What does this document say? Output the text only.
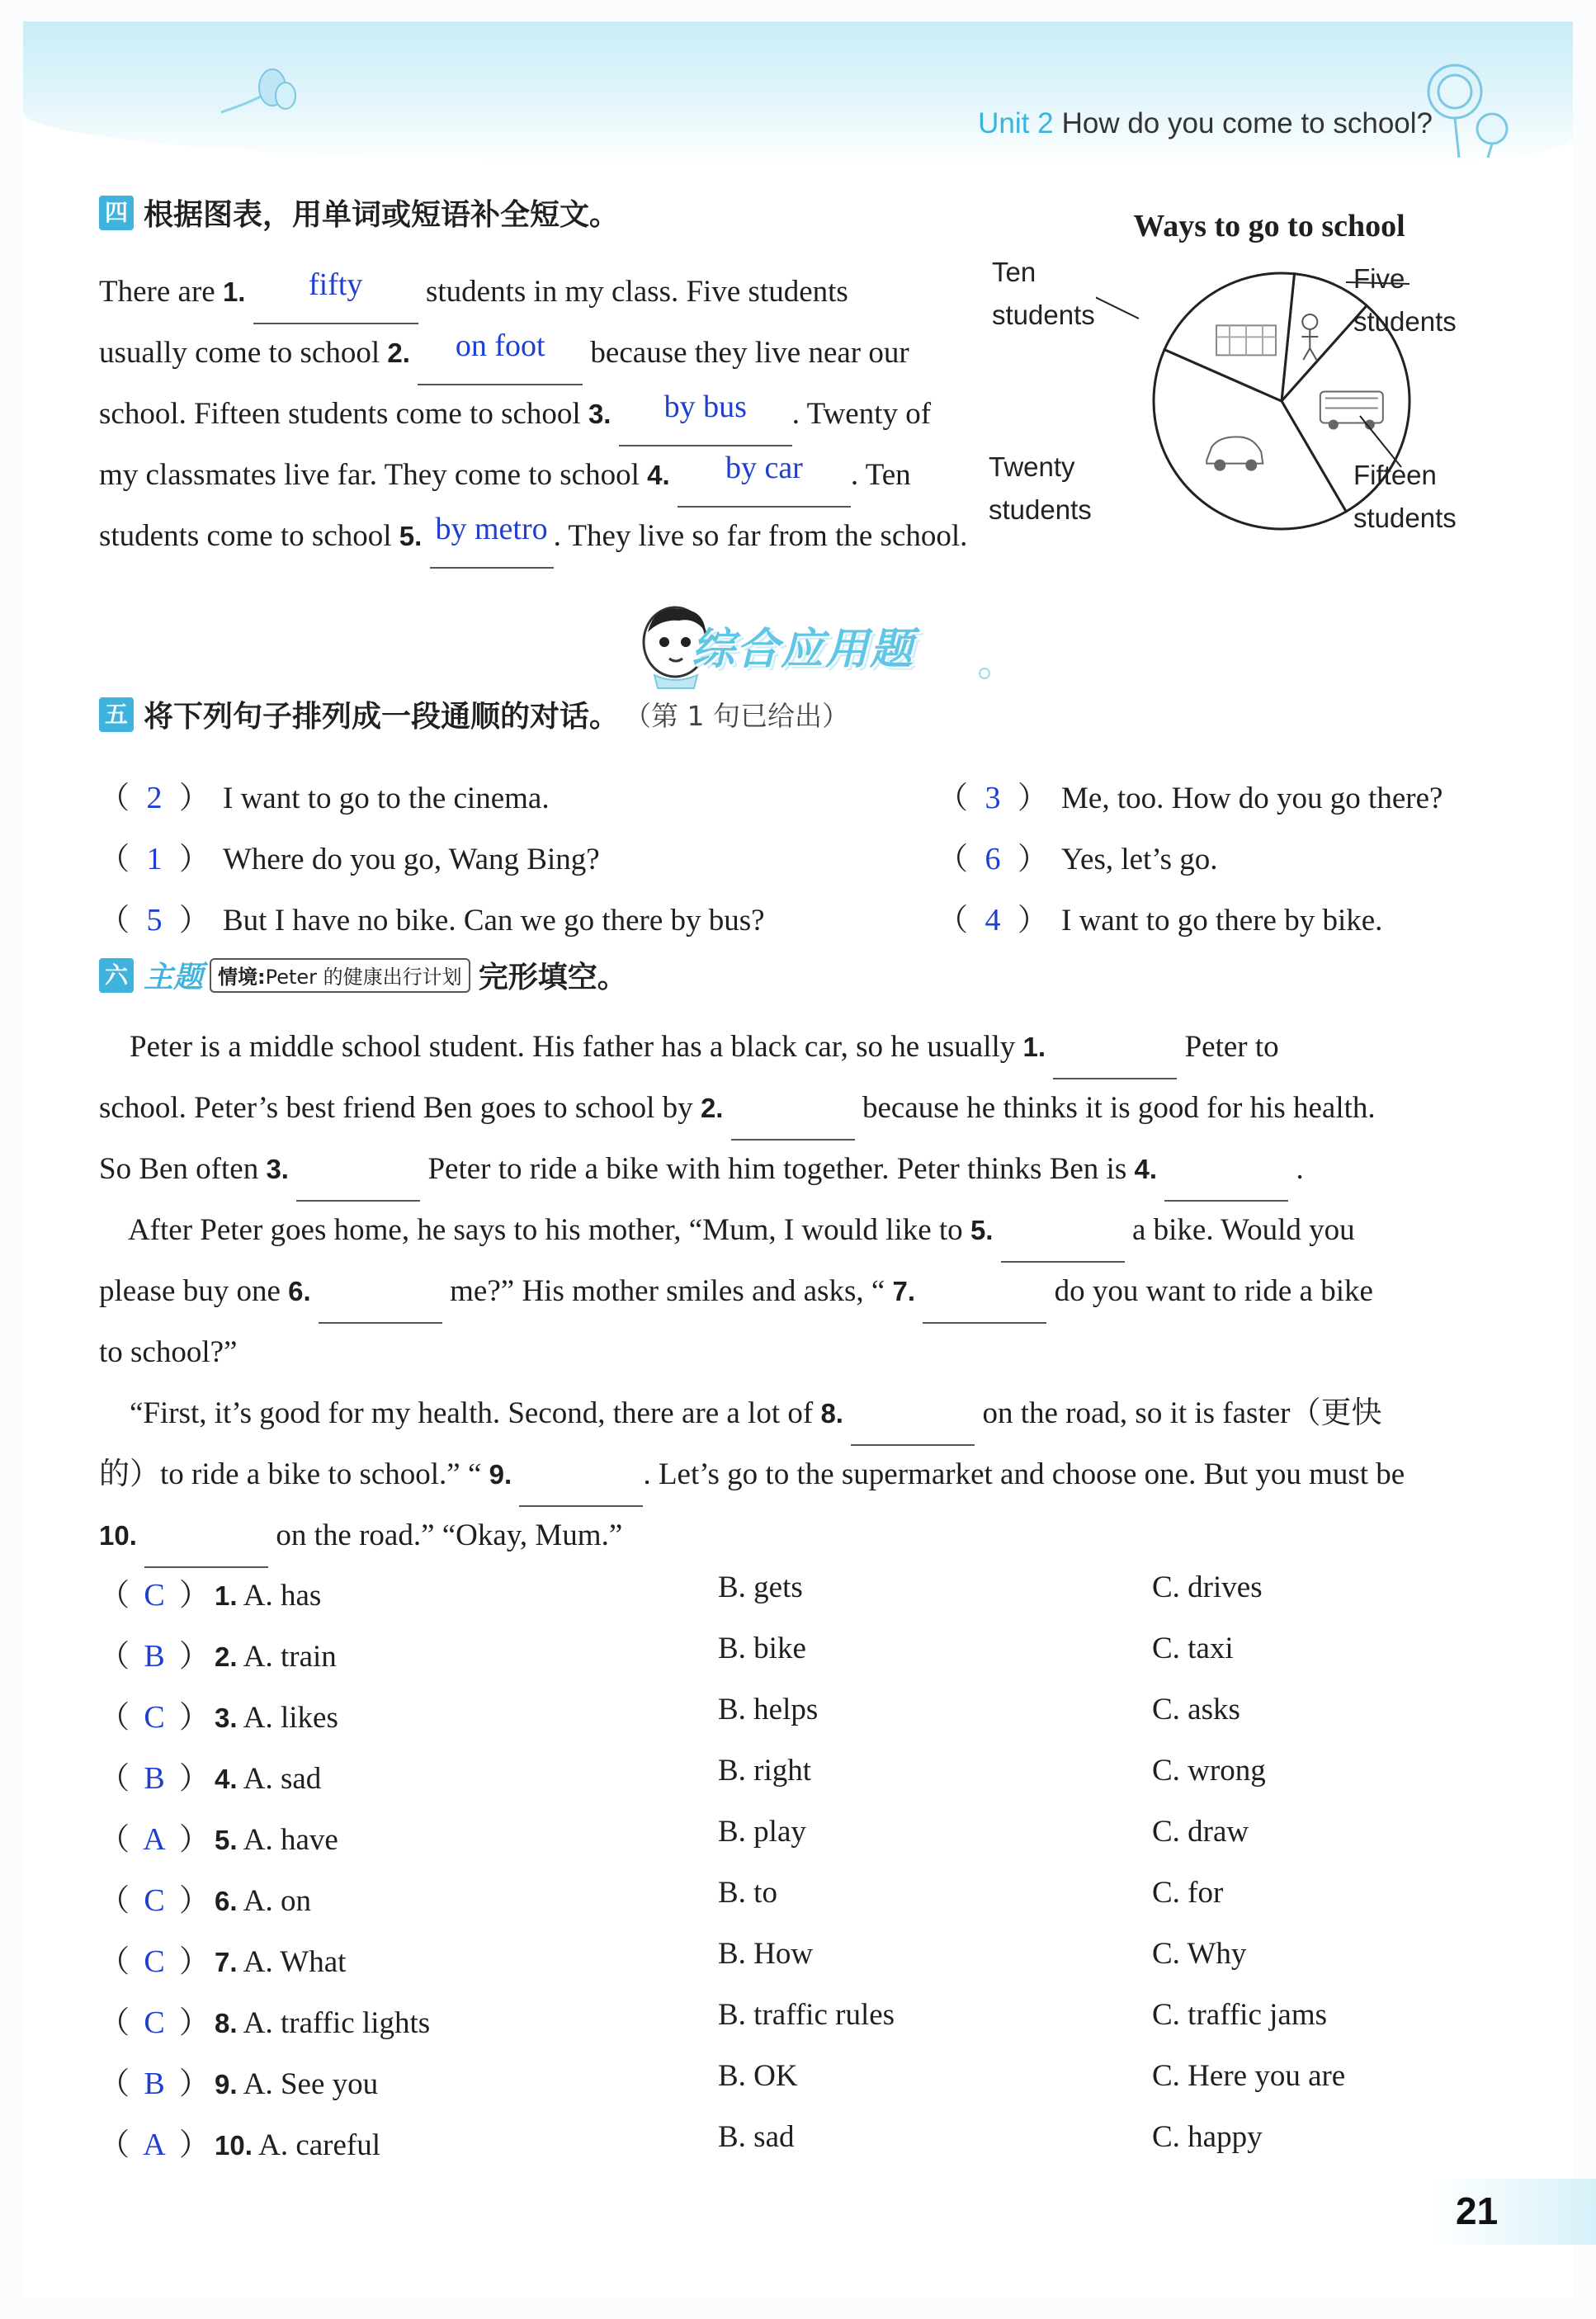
Unit 2 How do you come to school?
四 根据图表，用单词或短语补全短文。
There are 1. fifty students in my class. Five students
usually come to school 2. on foot because they live near our
school. Fifteen students come to school 3. by bus . Twenty of
my classmates live far. They come to school 4. by car . Ten
students come to school 5. by metro . They live so far from the school.
Ways to go to school
Five
students
Fifteen
students
Twenty
students
Ten
students
综合应用题
五 将下列句子排列成一段通顺的对话。 （第 1 句已给出）
（ 2 ） I want to go to the cinema.
（ 1 ） Where do you go, Wang Bing?
（ 5 ） But I have no bike. Can we go there by bus?
（ 3 ） Me, too. How do you go there?
（ 6 ） Yes, let’s go.
（ 4 ） I want to go there by bike.
六 主题 情境: Peter 的健康出行计划 完形填空。
Peter is a middle school student. His father has a black car, so he usually 1.	Peter to
school. Peter’s best friend Ben goes to school by 2.	because he thinks it is good for his health.
So Ben often 3.	Peter to ride a bike with him together. Peter thinks Ben is 4.	.
After Peter goes home, he says to his mother, “Mum, I would like to 5.	a bike. Would you
please buy one 6.	me?” His mother smiles and asks, “ 7.	do you want to ride a bike
to school?”
“First, it’s good for my health. Second, there are a lot of 8.	on the road, so it is faster（更快
的）to ride a bike to school.” “ 9.	. Let’s go to the supermarket and choose one. But you must be
10.	on the road.” “Okay, Mum.”
（ C ） 1. A. has	B. gets	C. drives
（ B ） 2. A. train	B. bike	C. taxi
（ C ） 3. A. likes	B. helps	C. asks
（ B ） 4. A. sad	B. right	C. wrong
（ A ） 5. A. have	B. play	C. draw
（ C ） 6. A. on	B. to	C. for
（ C ） 7. A. What	B. How	C. Why
（ C ） 8. A. traffic lights	B. traffic rules	C. traffic jams
（ B ） 9. A. See you	B. OK	C. Here you are
（ A ） 10. A. careful	B. sad	C. happy
21
